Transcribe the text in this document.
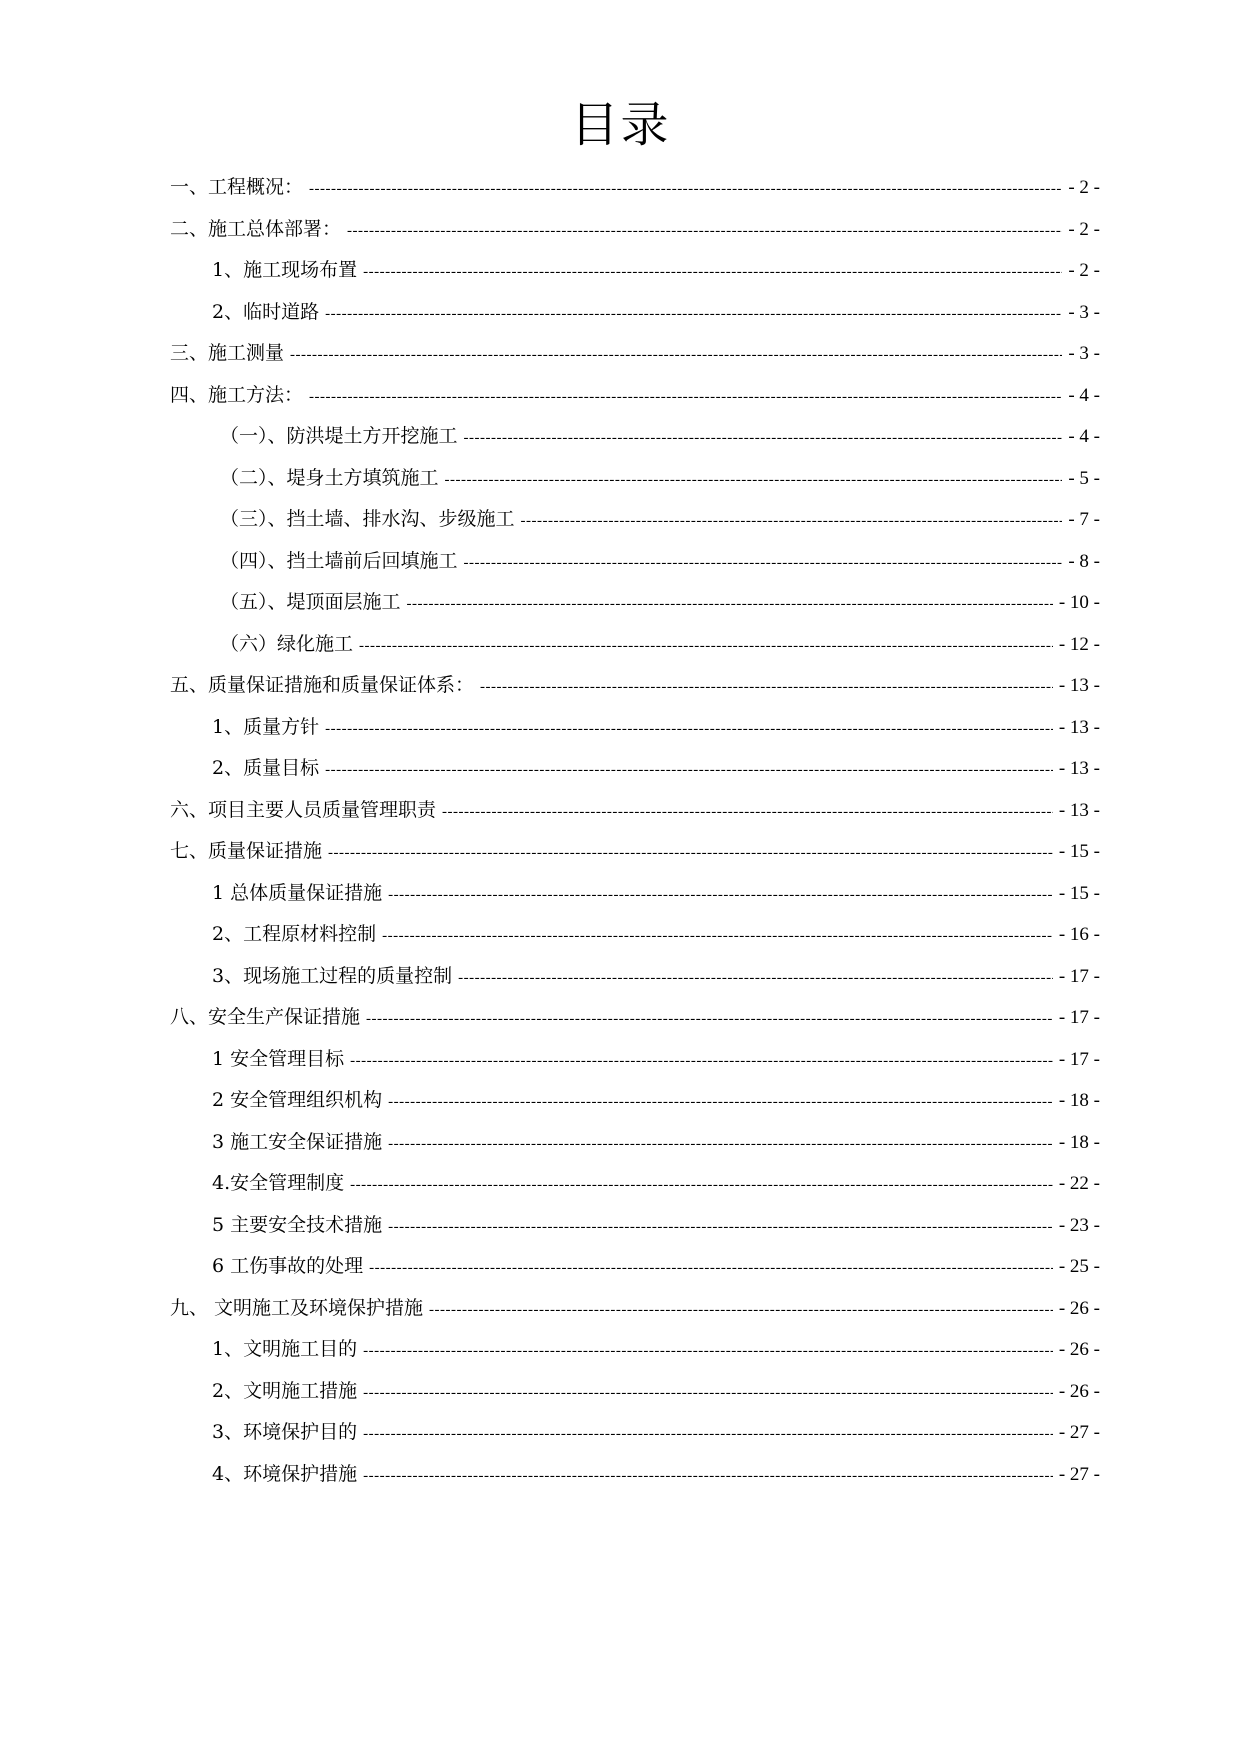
目录
一、工程概况： -----	- 2 -
二、施工总体部署： -----	- 2 -
1、施工现场布置 -----	- 2 -
2、临时道路 -----	- 3 -
三、施工测量 -----	- 3 -
四、施工方法： -----	- 4 -
（一）、防洪堤土方开挖施工 -----	- 4 -
（二）、堤身土方填筑施工 -----	- 5 -
（三）、挡土墙、排水沟、步级施工 -----	- 7 -
（四）、挡土墙前后回填施工 -----	- 8 -
（五）、堤顶面层施工 -----	- 10 -
（六）绿化施工 -----	- 12 -
五、质量保证措施和质量保证体系： -----	- 13 -
1、质量方针 -----	- 13 -
2、质量目标 -----	- 13 -
六、项目主要人员质量管理职责 -----	- 13 -
七、质量保证措施 -----	- 15 -
1 总体质量保证措施 -----	- 15 -
2、工程原材料控制 -----	- 16 -
3、现场施工过程的质量控制 -----	- 17 -
八、安全生产保证措施 -----	- 17 -
1 安全管理目标 -----	- 17 -
2 安全管理组织机构 -----	- 18 -
3 施工安全保证措施 -----	- 18 -
4.安全管理制度 -----	- 22 -
5 主要安全技术措施 -----	- 23 -
6 工伤事故的处理 -----	- 25 -
九、 文明施工及环境保护措施 -----	- 26 -
1、文明施工目的 -----	- 26 -
2、文明施工措施 -----	- 26 -
3、环境保护目的 -----	- 27 -
4、环境保护措施 -----	- 27 -
